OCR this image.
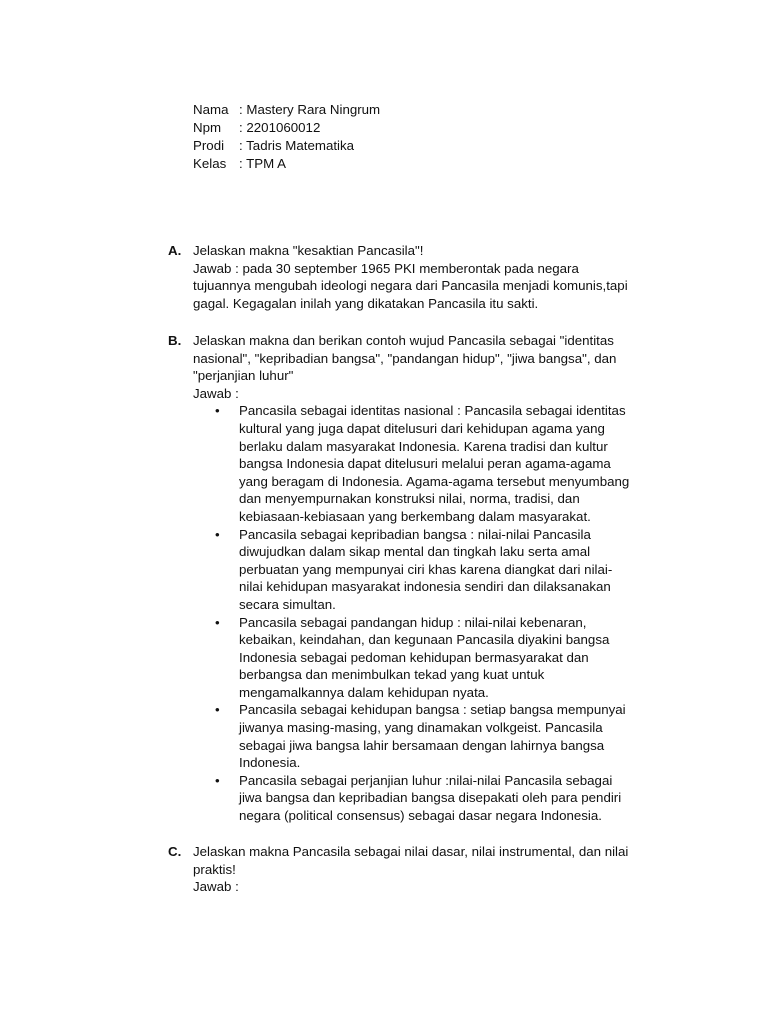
Nama : Mastery Rara Ningrum
Npm	: 2201060012
Prodi	: Tadris Matematika
Kelas : TPM A
A. Jelaskan makna "kesaktian Pancasila"!
Jawab : pada 30 september 1965 PKI memberontak pada negara
tujuannya mengubah ideologi negara dari Pancasila menjadi komunis,tapi
gagal. Kegagalan inilah yang dikatakan Pancasila itu sakti.
B. Jelaskan makna dan berikan contoh wujud Pancasila sebagai "identitas
nasional", "kepribadian bangsa", "pandangan hidup", "jiwa bangsa", dan
"perjanjian luhur"
Jawab :
• Pancasila sebagai identitas nasional : Pancasila sebagai identitas
kultural yang juga dapat ditelusuri dari kehidupan agama yang
berlaku dalam masyarakat Indonesia. Karena tradisi dan kultur
bangsa Indonesia dapat ditelusuri melalui peran agama-agama
yang beragam di Indonesia. Agama-agama tersebut menyumbang
dan menyempurnakan konstruksi nilai, norma, tradisi, dan
kebiasaan-kebiasaan yang berkembang dalam masyarakat.
• Pancasila sebagai kepribadian bangsa : nilai-nilai Pancasila
diwujudkan dalam sikap mental dan tingkah laku serta amal
perbuatan yang mempunyai ciri khas karena diangkat dari nilai-
nilai kehidupan masyarakat indonesia sendiri dan dilaksanakan
secara simultan.
• Pancasila sebagai pandangan hidup : nilai-nilai kebenaran,
kebaikan, keindahan, dan kegunaan Pancasila diyakini bangsa
Indonesia sebagai pedoman kehidupan bermasyarakat dan
berbangsa dan menimbulkan tekad yang kuat untuk
mengamalkannya dalam kehidupan nyata.
• Pancasila sebagai kehidupan bangsa : setiap bangsa mempunyai
jiwanya masing-masing, yang dinamakan volkgeist. Pancasila
sebagai jiwa bangsa lahir bersamaan dengan lahirnya bangsa
Indonesia.
• Pancasila sebagai perjanjian luhur :nilai-nilai Pancasila sebagai
jiwa bangsa dan kepribadian bangsa disepakati oleh para pendiri
negara (political consensus) sebagai dasar negara Indonesia.
C. Jelaskan makna Pancasila sebagai nilai dasar, nilai instrumental, dan nilai
praktis!
Jawab :
